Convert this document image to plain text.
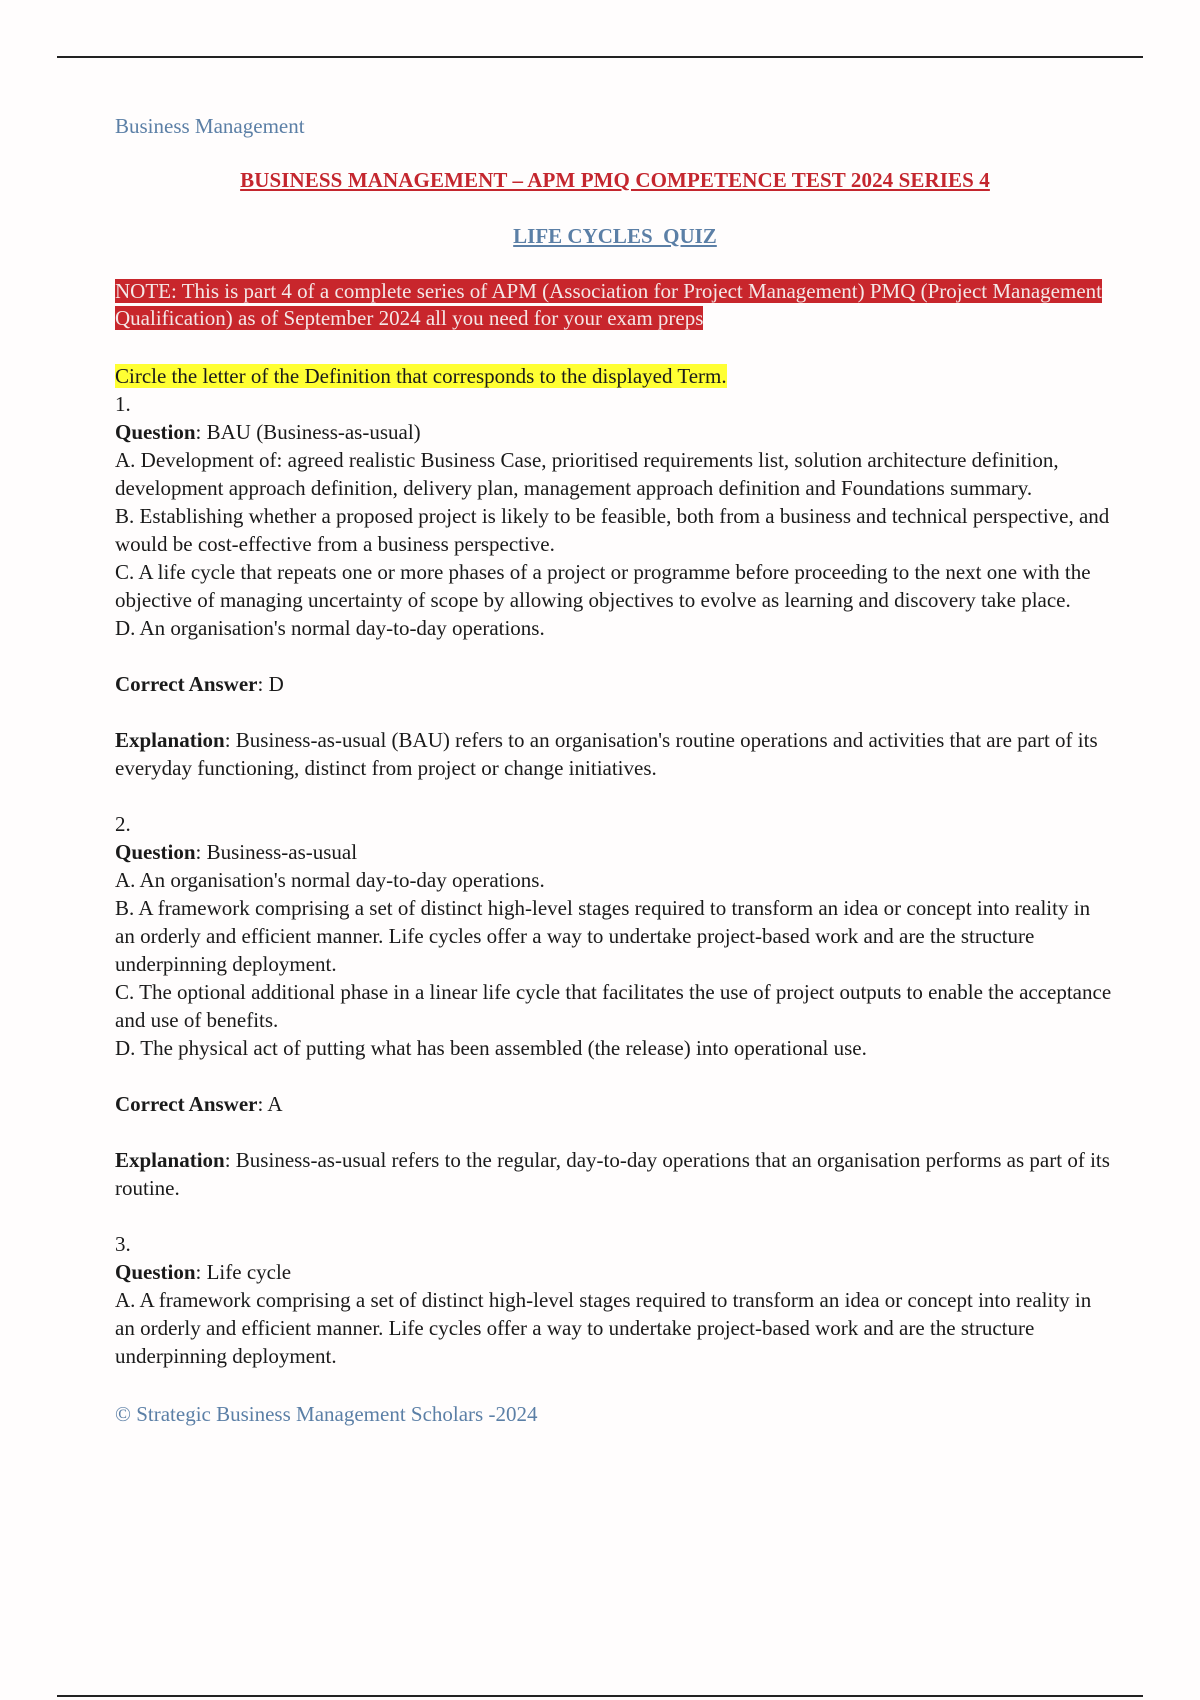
Business Management
BUSINESS MANAGEMENT – APM PMQ COMPETENCE TEST 2024 SERIES 4
LIFE CYCLES  QUIZ
NOTE: This is part 4 of a complete series of APM (Association for Project Management) PMQ (Project Management Qualification) as of September 2024 all you need for your exam preps
Circle the letter of the Definition that corresponds to the displayed Term.

1.

Question: BAU (Business-as-usual)

A. Development of: agreed realistic Business Case, prioritised requirements list, solution architecture definition, development approach definition, delivery plan, management approach definition and Foundations summary.

B. Establishing whether a proposed project is likely to be feasible, both from a business and technical perspective, and would be cost-effective from a business perspective.

C. A life cycle that repeats one or more phases of a project or programme before proceeding to the next one with the objective of managing uncertainty of scope by allowing objectives to evolve as learning and discovery take place.

D. An organisation's normal day-to-day operations.

Correct Answer: D

Explanation: Business-as-usual (BAU) refers to an organisation's routine operations and activities that are part of its everyday functioning, distinct from project or change initiatives.

2.

Question: Business-as-usual

A. An organisation's normal day-to-day operations.

B. A framework comprising a set of distinct high-level stages required to transform an idea or concept into reality in an orderly and efficient manner. Life cycles offer a way to undertake project-based work and are the structure underpinning deployment.

C. The optional additional phase in a linear life cycle that facilitates the use of project outputs to enable the acceptance and use of benefits.

D. The physical act of putting what has been assembled (the release) into operational use.

Correct Answer: A

Explanation: Business-as-usual refers to the regular, day-to-day operations that an organisation performs as part of its routine.

3.

Question: Life cycle

A. A framework comprising a set of distinct high-level stages required to transform an idea or concept into reality in an orderly and efficient manner. Life cycles offer a way to undertake project-based work and are the structure underpinning deployment.

© Strategic Business Management Scholars -2024
